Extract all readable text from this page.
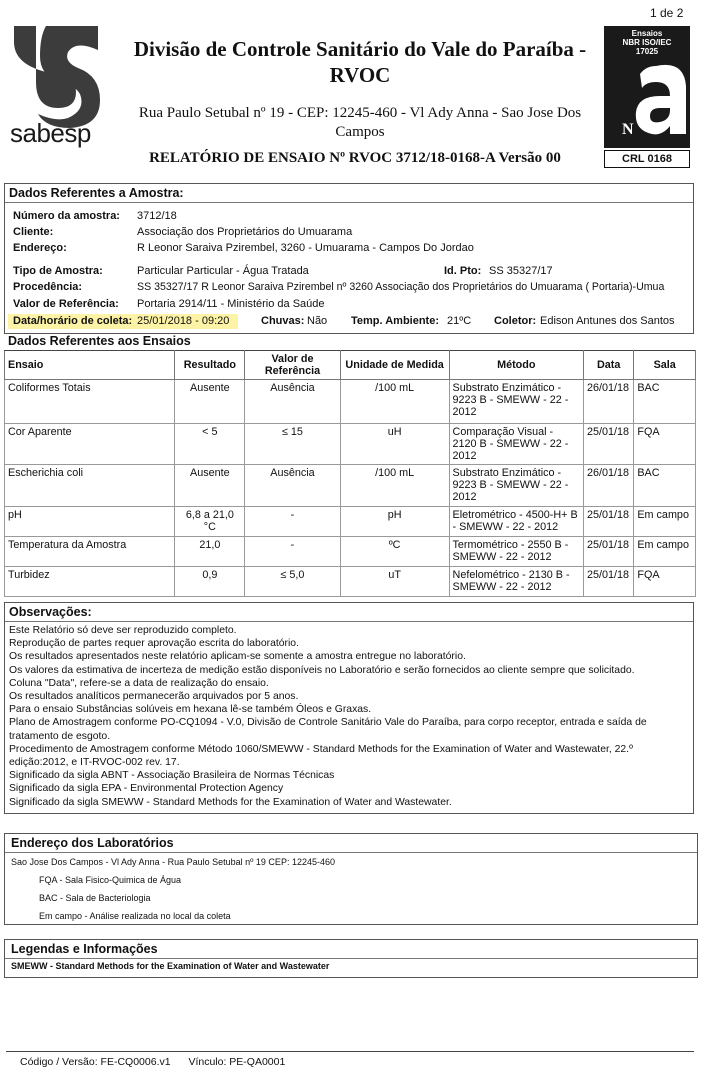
1 de 2
sabesp
Divisão de Controle Sanitário do Vale do Paraíba - RVOC
Rua Paulo Setubal nº 19 - CEP: 12245-460 - Vl Ady Anna - Sao Jose Dos Campos
RELATÓRIO DE ENSAIO Nº RVOC 3712/18-0168-A Versão 00
Ensaios
NBR ISO/IEC
17025
N
CRL 0168
Dados Referentes a Amostra:
Número da amostra: 3712/18
Cliente:	Associação dos Proprietários do Umuarama
Endereço:	R Leonor Saraiva Pzirembel, 3260 - Umuarama - Campos Do Jordao
Tipo de Amostra:	Particular Particular - Água Tratada	Id. Pto: SS 35327/17
Procedência:	SS 35327/17 R Leonor Saraiva Pzirembel nº 3260 Associação dos Proprietários do Umuarama ( Portaria)-Umua
Valor de Referência: Portaria 2914/11 - Ministério da Saúde
Data/horário de coleta: 25/01/2018 - 09:20	Chuvas: Não Temp. Ambiente: 21ºC Coletor: Edison Antunes dos Santos
Dados Referentes aos Ensaios
Ensaio	Resultado	Valor de Referência	Unidade de Medida	Método	Data	Sala
Coliformes Totais	Ausente	Ausência	/100 mL	Substrato Enzimático - 9223 B - SMEWW - 22 - 2012	26/01/18	BAC
Cor Aparente	< 5	≤ 15	uH	Comparação Visual - 2120 B - SMEWW - 22 - 2012	25/01/18	FQA
Escherichia coli	Ausente	Ausência	/100 mL	Substrato Enzimático - 9223 B - SMEWW - 22 - 2012	26/01/18	BAC
pH	6,8 a 21,0 °C	-	pH	Eletrométrico - 4500-H+ B - SMEWW - 22 - 2012	25/01/18	Em campo
Temperatura da Amostra	21,0	-	ºC	Termométrico - 2550 B - SMEWW - 22 - 2012	25/01/18	Em campo
Turbidez	0,9	≤ 5,0	uT	Nefelométrico - 2130 B - SMEWW - 22 - 2012	25/01/18	FQA
Observações:
Este Relatório só deve ser reproduzido completo.
Reprodução de partes requer aprovação escrita do laboratório.
Os resultados apresentados neste relatório aplicam-se somente a amostra entregue no laboratório.
Os valores da estimativa de incerteza de medição estão disponíveis no Laboratório e serão fornecidos ao cliente sempre que solicitado.
Coluna "Data", refere-se a data de realização do ensaio.
Os resultados analíticos permanecerão arquivados por 5 anos.
Para o ensaio Substâncias solúveis em hexana lê-se também Óleos e Graxas.
Plano de Amostragem conforme PO-CQ1094 - V.0, Divisão de Controle Sanitário Vale do Paraíba, para corpo receptor, entrada e saída de
tratamento de esgoto.
Procedimento de Amostragem conforme Método 1060/SMEWW - Standard Methods for the Examination of Water and Wastewater, 22.º
edição:2012, e IT-RVOC-002 rev. 17.
Significado da sigla ABNT - Associação Brasileira de Normas Técnicas
Significado da sigla EPA - Environmental Protection Agency
Significado da sigla SMEWW - Standard Methods for the Examination of Water and Wastewater.
Endereço dos Laboratórios
Sao Jose Dos Campos - Vl Ady Anna - Rua Paulo Setubal nº 19 CEP: 12245-460
FQA - Sala Fisico-Quimica de Água
BAC - Sala de Bacteriologia
Em campo - Análise realizada no local da coleta
Legendas e Informações
SMEWW - Standard Methods for the Examination of Water and Wastewater
Código / Versão: FE-CQ0006.v1 Vínculo: PE-QA0001
